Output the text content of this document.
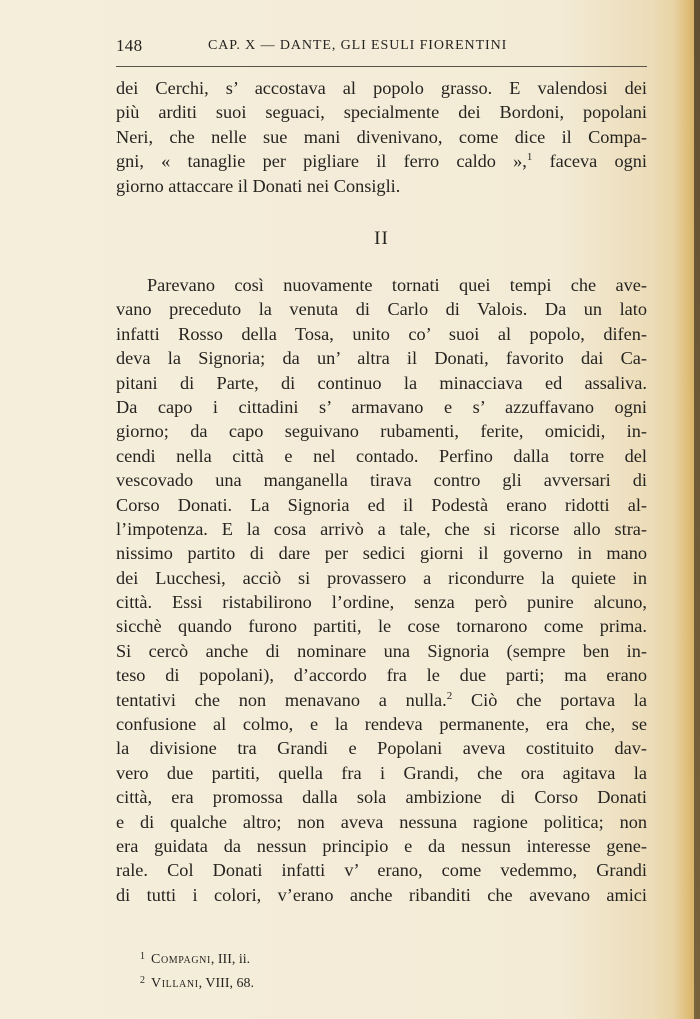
148	CAP. X — DANTE, GLI ESULI FIORENTINI
dei Cerchi, s’ accostava al popolo grasso. E valendosi dei
più arditi suoi seguaci, specialmente dei Bordoni, popolani
Neri, che nelle sue mani divenivano, come dice il Compa-
gni, « tanaglie per pigliare il ferro caldo »,$^1$ faceva ogni
giorno attaccare il Donati nei Consigli.
II
Parevano così nuovamente tornati quei tempi che ave-
vano preceduto la venuta di Carlo di Valois. Da un lato
infatti Rosso della Tosa, unito co’ suoi al popolo, difen-
deva la Signoria; da un’ altra il Donati, favorito dai Ca-
pitani di Parte, di continuo la minacciava ed assaliva.
Da capo i cittadini s’ armavano e s’ azzuffavano ogni
giorno; da capo seguivano rubamenti, ferite, omicidi, in-
cendi nella città e nel contado. Perfino dalla torre del
vescovado una manganella tirava contro gli avversari di
Corso Donati. La Signoria ed il Podestà erano ridotti al-
l’impotenza. E la cosa arrivò a tale, che si ricorse allo stra-
nissimo partito di dare per sedici giorni il governo in mano
dei Lucchesi, acciò si provassero a ricondurre la quiete in
città. Essi ristabilirono l’ordine, senza però punire alcuno,
sicchè quando furono partiti, le cose tornarono come prima.
Si cercò anche di nominare una Signoria (sempre ben in-
teso di popolani), d’accordo fra le due parti; ma erano
tentativi che non menavano a nulla.$^2$ Ciò che portava la
confusione al colmo, e la rendeva permanente, era che, se
la divisione tra Grandi e Popolani aveva costituito dav-
vero due partiti, quella fra i Grandi, che ora agitava la
città, era promossa dalla sola ambizione di Corso Donati
e di qualche altro; non aveva nessuna ragione politica; non
era guidata da nessun principio e da nessun interesse gene-
rale. Col Donati infatti v’ erano, come vedemmo, Grandi
di tutti i colori, v’erano anche ribanditi che avevano amici
$^1$ Compagni, III, ii.
$^2$ Villani, VIII, 68.
